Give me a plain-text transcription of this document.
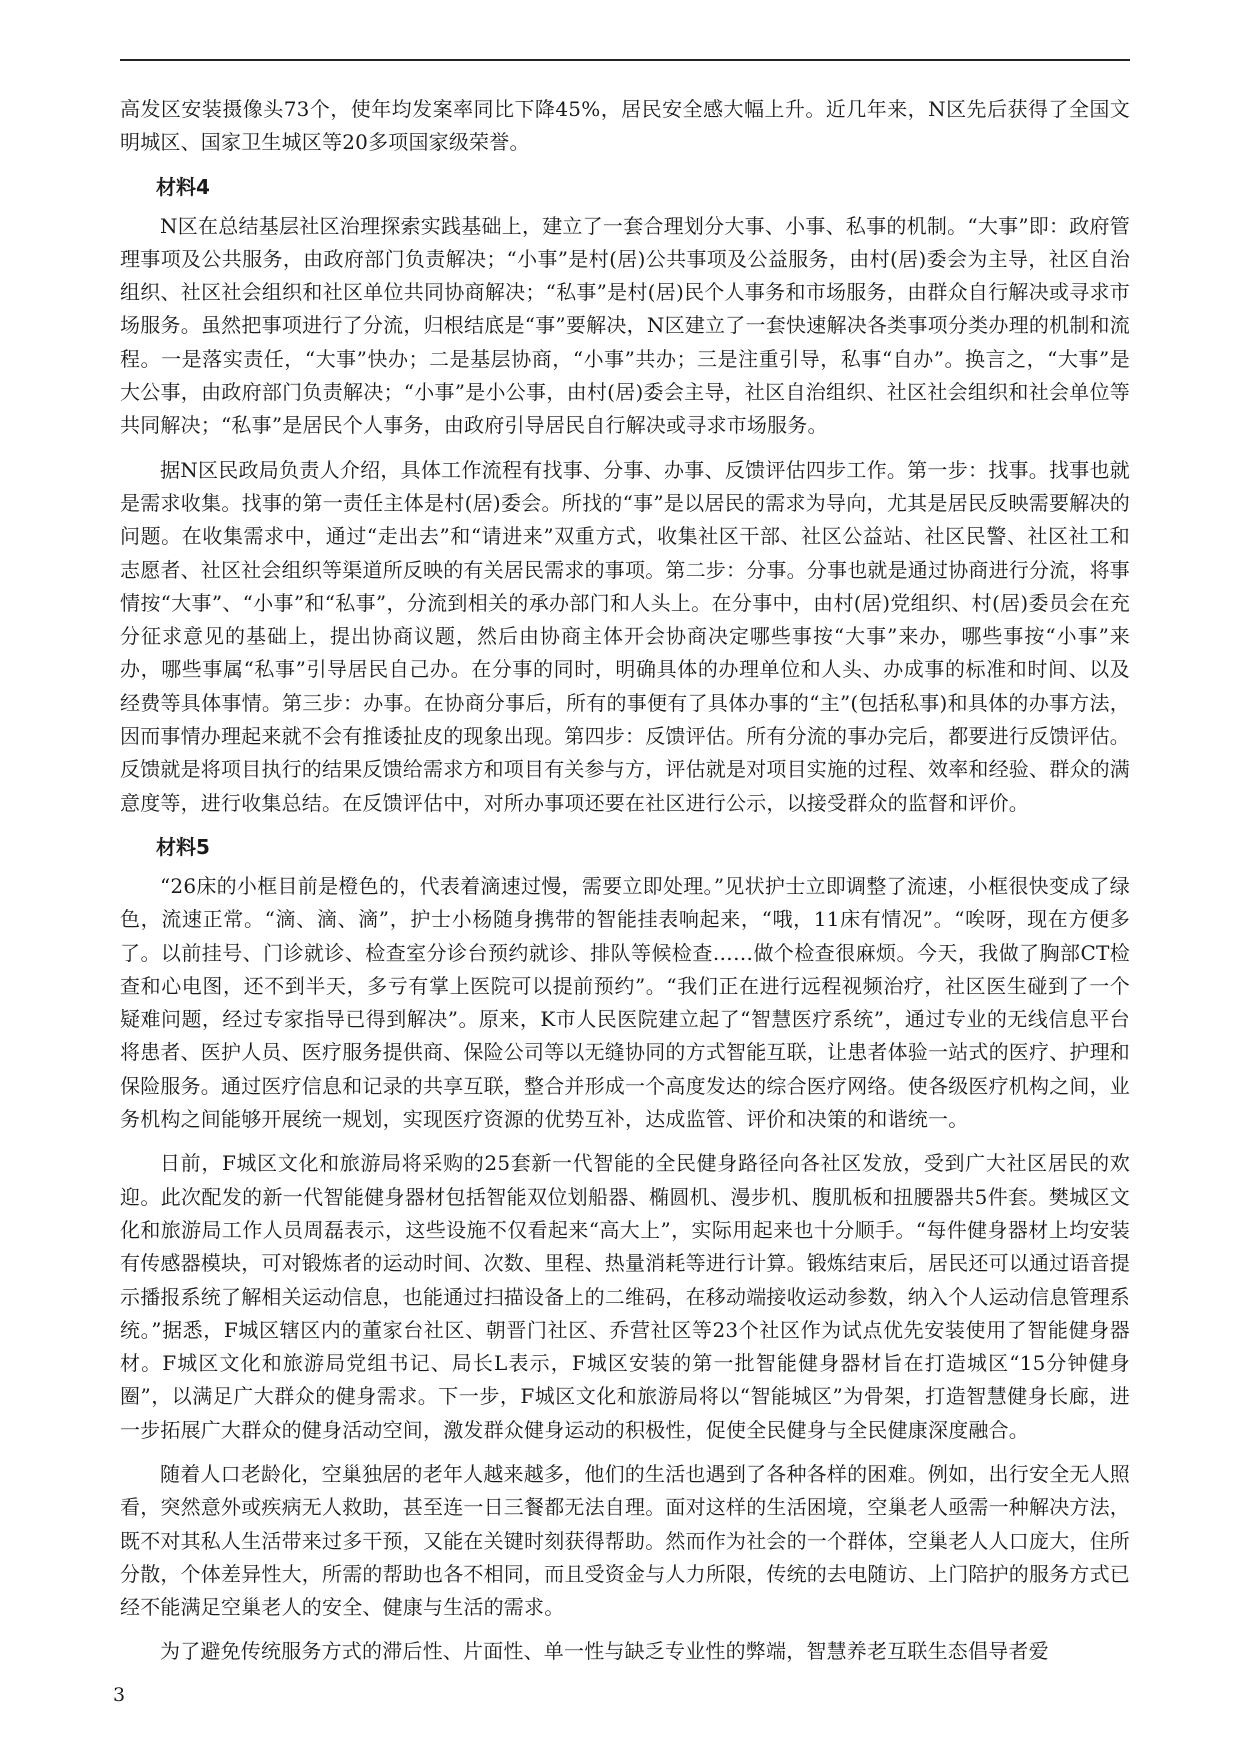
高发区安装摄像头73个，使年均发案率同比下降45%，居民安全感大幅上升。近几年来，N区先后获得了全国文明城区、国家卫生城区等20多项国家级荣誉。

材料4

N区在总结基层社区治理探索实践基础上，建立了一套合理划分大事、小事、私事的机制。“大事”即：政府管理事项及公共服务，由政府部门负责解决；“小事”是村(居)公共事项及公益服务，由村(居)委会为主导，社区自治组织、社区社会组织和社区单位共同协商解决；“私事”是村(居)民个人事务和市场服务，由群众自行解决或寻求市场服务。虽然把事项进行了分流，归根结底是“事”要解决，N区建立了一套快速解决各类事项分类办理的机制和流程。一是落实责任，“大事”快办；二是基层协商，“小事”共办；三是注重引导，私事“自办”。换言之，“大事”是大公事，由政府部门负责解决；“小事”是小公事，由村(居)委会主导，社区自治组织、社区社会组织和社会单位等共同解决；“私事”是居民个人事务，由政府引导居民自行解决或寻求市场服务。

据N区民政局负责人介绍，具体工作流程有找事、分事、办事、反馈评估四步工作。第一步：找事。找事也就是需求收集。找事的第一责任主体是村(居)委会。所找的“事”是以居民的需求为导向，尤其是居民反映需要解决的问题。在收集需求中，通过“走出去”和“请进来”双重方式，收集社区干部、社区公益站、社区民警、社区社工和志愿者、社区社会组织等渠道所反映的有关居民需求的事项。第二步：分事。分事也就是通过协商进行分流，将事情按“大事”、“小事”和“私事”，分流到相关的承办部门和人头上。在分事中，由村(居)党组织、村(居)委员会在充分征求意见的基础上，提出协商议题，然后由协商主体开会协商决定哪些事按“大事”来办，哪些事按“小事”来办，哪些事属“私事”引导居民自己办。在分事的同时，明确具体的办理单位和人头、办成事的标准和时间、以及经费等具体事情。第三步：办事。在协商分事后，所有的事便有了具体办事的“主”(包括私事)和具体的办事方法，因而事情办理起来就不会有推诿扯皮的现象出现。第四步：反馈评估。所有分流的事办完后，都要进行反馈评估。反馈就是将项目执行的结果反馈给需求方和项目有关参与方，评估就是对项目实施的过程、效率和经验、群众的满意度等，进行收集总结。在反馈评估中，对所办事项还要在社区进行公示，以接受群众的监督和评价。

材料5

“26床的小框目前是橙色的，代表着滴速过慢，需要立即处理。”见状护士立即调整了流速，小框很快变成了绿色，流速正常。“滴、滴、滴”，护士小杨随身携带的智能挂表响起来，“哦，11床有情况”。“唉呀，现在方便多了。以前挂号、门诊就诊、检查室分诊台预约就诊、排队等候检查……做个检查很麻烦。今天，我做了胸部CT检查和心电图，还不到半天，多亏有掌上医院可以提前预约”。“我们正在进行远程视频治疗，社区医生碰到了一个疑难问题，经过专家指导已得到解决”。原来，K市人民医院建立起了“智慧医疗系统”，通过专业的无线信息平台将患者、医护人员、医疗服务提供商、保险公司等以无缝协同的方式智能互联，让患者体验一站式的医疗、护理和保险服务。通过医疗信息和记录的共享互联，整合并形成一个高度发达的综合医疗网络。使各级医疗机构之间，业务机构之间能够开展统一规划，实现医疗资源的优势互补，达成监管、评价和决策的和谐统一。

日前，F城区文化和旅游局将采购的25套新一代智能的全民健身路径向各社区发放，受到广大社区居民的欢迎。此次配发的新一代智能健身器材包括智能双位划船器、椭圆机、漫步机、腹肌板和扭腰器共5件套。樊城区文化和旅游局工作人员周磊表示，这些设施不仅看起来“高大上”，实际用起来也十分顺手。“每件健身器材上均安装有传感器模块，可对锻炼者的运动时间、次数、里程、热量消耗等进行计算。锻炼结束后，居民还可以通过语音提示播报系统了解相关运动信息，也能通过扫描设备上的二维码，在移动端接收运动参数，纳入个人运动信息管理系统。”据悉，F城区辖区内的董家台社区、朝晋门社区、乔营社区等23个社区作为试点优先安装使用了智能健身器材。F城区文化和旅游局党组书记、局长L表示，F城区安装的第一批智能健身器材旨在打造城区“15分钟健身圈”，以满足广大群众的健身需求。下一步，F城区文化和旅游局将以“智能城区”为骨架，打造智慧健身长廊，进一步拓展广大群众的健身活动空间，激发群众健身运动的积极性，促使全民健身与全民健康深度融合。

随着人口老龄化，空巢独居的老年人越来越多，他们的生活也遇到了各种各样的困难。例如，出行安全无人照看，突然意外或疾病无人救助，甚至连一日三餐都无法自理。面对这样的生活困境，空巢老人亟需一种解决方法，既不对其私人生活带来过多干预，又能在关键时刻获得帮助。然而作为社会的一个群体，空巢老人人口庞大，住所分散，个体差异性大，所需的帮助也各不相同，而且受资金与人力所限，传统的去电随访、上门陪护的服务方式已经不能满足空巢老人的安全、健康与生活的需求。

为了避免传统服务方式的滞后性、片面性、单一性与缺乏专业性的弊端，智慧养老互联生态倡导者爱

3
